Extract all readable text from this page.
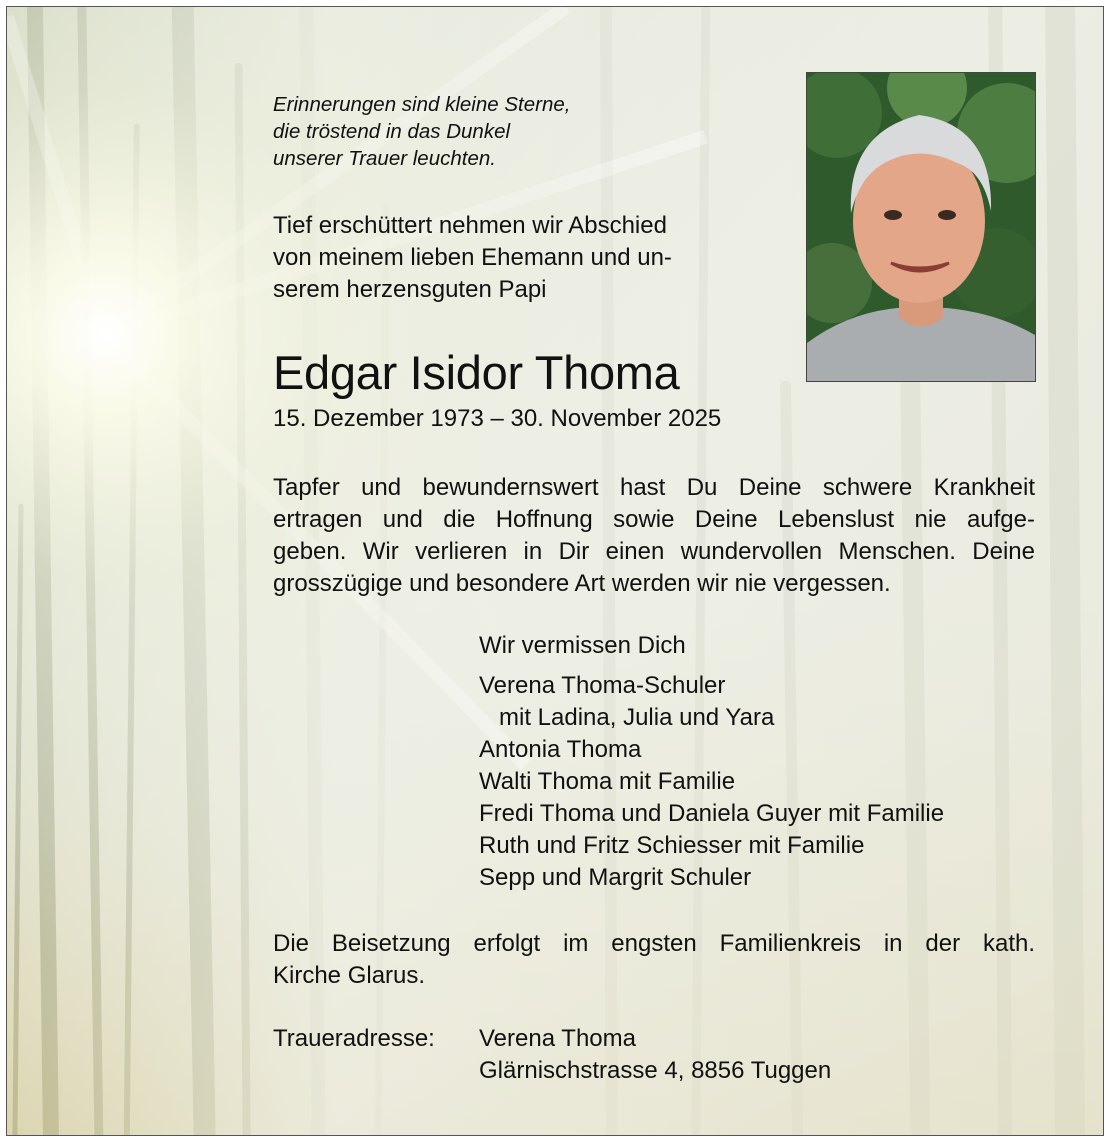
Erinnerungen sind kleine Sterne,
die tröstend in das Dunkel
unserer Trauer leuchten.

Tief erschüttert nehmen wir Abschied
von meinem lieben Ehemann und un-
serem herzensguten Papi

Edgar Isidor Thoma

15. Dezember 1973 – 30. November 2025

Tapfer und bewundernswert hast Du Deine schwere Krankheit
ertragen und die Hoffnung sowie Deine Lebenslust nie aufge-
geben. Wir verlieren in Dir einen wundervollen Menschen. Deine
grosszügige und besondere Art werden wir nie vergessen.

Wir vermissen Dich

Verena Thoma-Schuler
mit Ladina, Julia und Yara
Antonia Thoma
Walti Thoma mit Familie
Fredi Thoma und Daniela Guyer mit Familie
Ruth und Fritz Schiesser mit Familie
Sepp und Margrit Schuler

Die Beisetzung erfolgt im engsten Familienkreis in der kath.
Kirche Glarus.

Traueradresse: Verena Thoma
Glärnischstrasse 4, 8856 Tuggen
